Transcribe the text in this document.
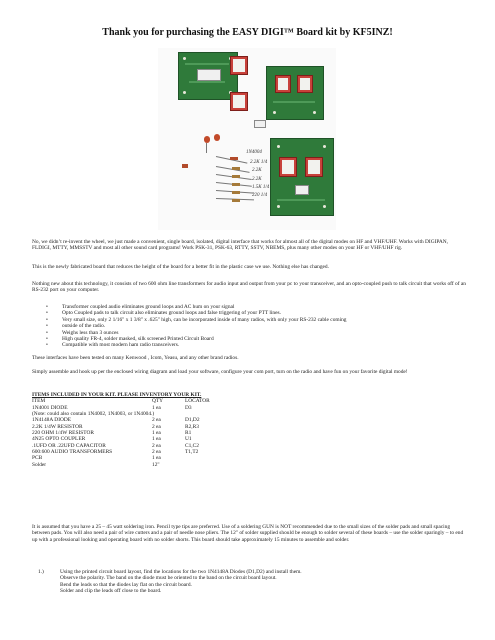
Thank you for purchasing the EASY DIGI™ Board kit by KF5INZ!
1N4004
2.2K 1/4
2.2K
2.2K
1.5K 1/4
220 1/4

No, we didn’t re-invent the wheel, we just made a convenient, single board, isolated, digital interface that works for almost all of the digital modes on HF and VHF/UHF. Works with DIGIPAN, FLDIGI, MTTY, MMSSTV and most all other sound card programs! Work PSK-31, PSK-63, RTTY, SSTV, NBEMS, plus many other modes on your HF or VHF/UHF rig.

This is the newly fabricated board that reduces the height of the board for a better fit in the plastic case we use. Nothing else has changed.

Nothing new about this technology, it consists of two 600 ohm line transformers for audio input and output from your pc to your transceiver, and an opto-coupled push to talk circuit that works off of an RS-232 port on your computer.

• Transformer coupled audio eliminates ground loops and AC hum on your signal
• Opto Coupled pads to talk circuit also eliminates ground loops and false triggering of your PTT lines.
• Very small size, only 2 1/16" x 1 3/8" x .625" high, can be incorporated inside of many radios, with only your RS-232 cable coming
• outside of the radio.
• Weighs less than 3 ounces
• High quality FR-4, solder masked, silk screened Printed Circuit Board
• Compatible with most modern ham radio transceivers.

These interfaces have been tested on many Kenwood , Icom, Yeasu, and any other brand radios.

Simply assemble and hook up per the enclosed wiring diagram and load your software, configure your com port, turn on the radio and have fun on your favorite digital mode!

ITEMS INCLUDED IN YOUR KIT. PLEASE INVENTORY YOUR KIT.
ITEM	QTY	LOCATOR
1N4001 DIODE	1 ea	D3
(Note: could also contain 1N4002, 1N4003, or 1N4004.)
1N4148A DIODE	2 ea	D1,D2
2.2K 1/4W RESISTOR	2 ea	R2,R3
220 OHM 1/4W RESISTOR	1 ea	R1
4N25 OPTO COUPLER	1 ea	U1
.1UFD OR .22UFD CAPACITOR	2 ea	C1,C2
600:600 AUDIO TRANSFORMERS	2 ea	T1,T2
PCB	1 ea
Solder	12"

It is assumed that you have a 25 – 45 watt soldering iron. Pencil type tips are preferred. Use of a soldering GUN is NOT recommended due to the small sizes of the solder pads and small spacing between pads. You will also need a pair of wire cutters and a pair of needle nose pliers. The 12" of solder supplied should be enough to solder several of these boards – use the solder sparingly – to end up with a professional looking and operating board with no solder shorts. This board should take approximately 15 minutes to assemble and solder.

1.)	Using the printed circuit board layout, find the locations for the two 1N4148A Diodes (D1,D2) and install them.
Observe the polarity. The band on the diode must be oriented to the band on the circuit board layout.
Bend the leads so that the diodes lay flat on the circuit board.
Solder and clip the leads off close to the board.
